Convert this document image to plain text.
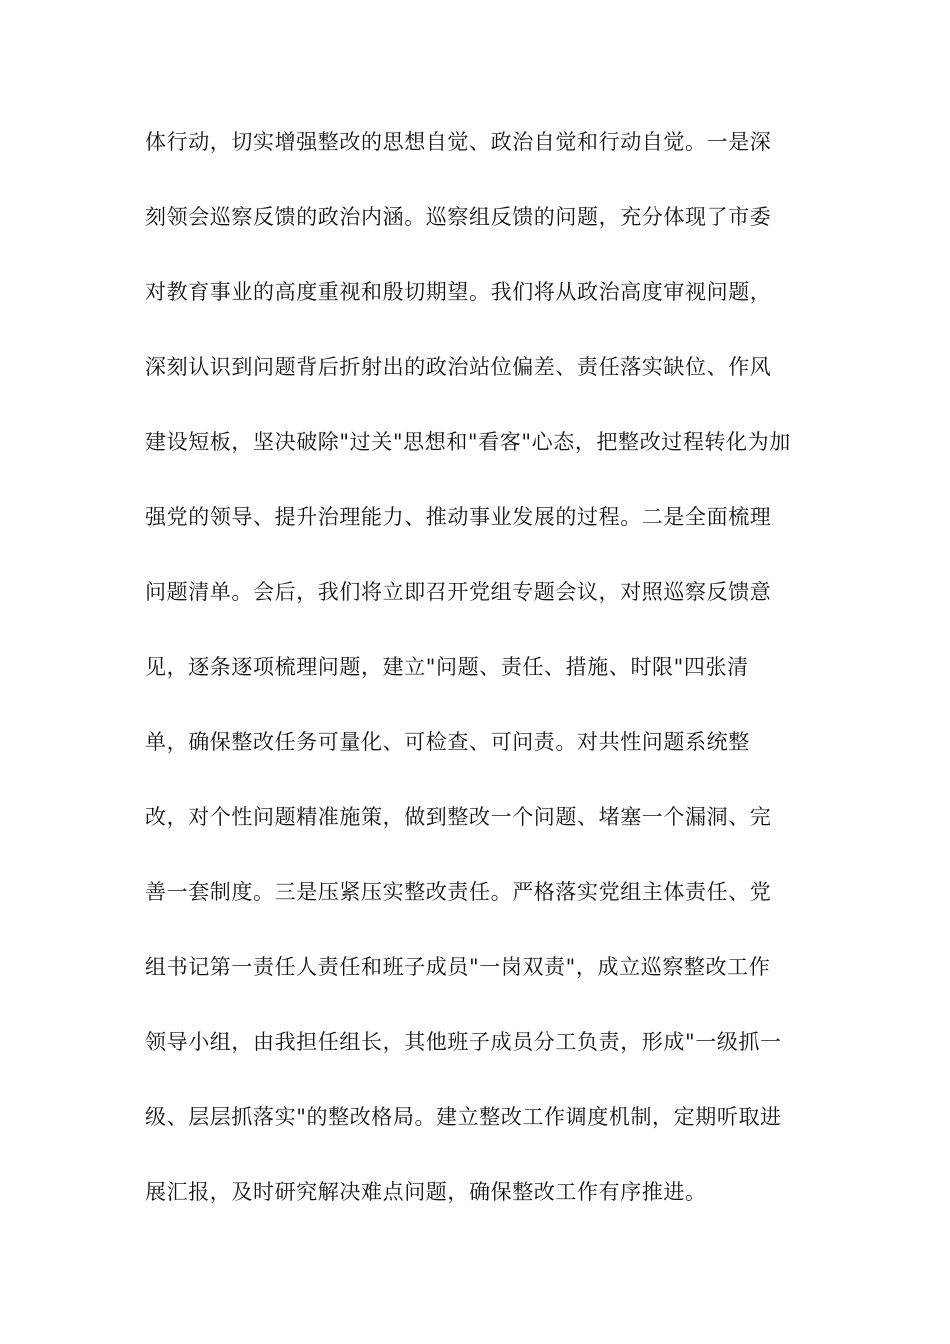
体行动，切实增强整改的思想自觉、政治自觉和行动自觉。一是深
刻领会巡察反馈的政治内涵。巡察组反馈的问题，充分体现了市委
对教育事业的高度重视和殷切期望。我们将从政治高度审视问题，
深刻认识到问题背后折射出的政治站位偏差、责任落实缺位、作风
建设短板，坚决破除"过关"思想和"看客"心态，把整改过程转化为加
强党的领导、提升治理能力、推动事业发展的过程。二是全面梳理
问题清单。会后，我们将立即召开党组专题会议，对照巡察反馈意
见，逐条逐项梳理问题，建立"问题、责任、措施、时限"四张清
单，确保整改任务可量化、可检查、可问责。对共性问题系统整
改，对个性问题精准施策，做到整改一个问题、堵塞一个漏洞、完
善一套制度。三是压紧压实整改责任。严格落实党组主体责任、党
组书记第一责任人责任和班子成员"一岗双责"，成立巡察整改工作
领导小组，由我担任组长，其他班子成员分工负责，形成"一级抓一
级、层层抓落实"的整改格局。建立整改工作调度机制，定期听取进
展汇报，及时研究解决难点问题，确保整改工作有序推进。
